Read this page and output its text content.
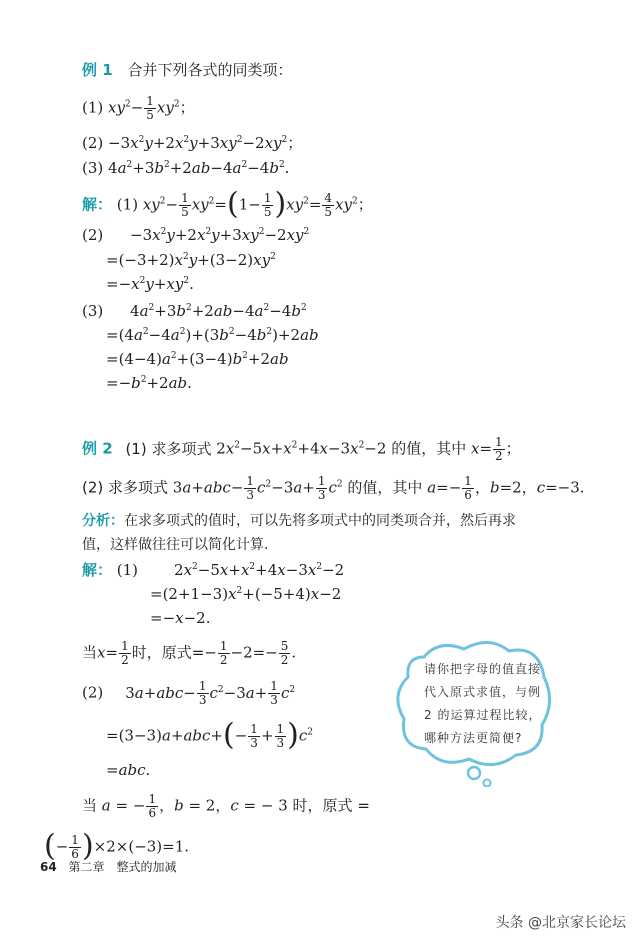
例 1 合并下列各式的同类项：
(1) $xy^2- \frac{1}{5} xy^2$；
$(2) -3x^2y+2x^2y+3xy^2-2xy^2$；
(3) $4a^2+3b^2+2ab-4a^2-4b^2$.
解： (1) $xy^2- \frac{1}{5} xy^2=(1- \frac{1}{5} )xy^2= \frac{4}{5} xy^2$；
$(2) -3x^2y+2x^2y+3xy^2-2xy^2$
$=(-3+2)x^2y+(3-2)xy^2$
$=-x^2y+xy^2$.
(3) $4a^2+3b^2+2ab-4a^2-4b^2$
$=(4a^2-4a^2)+(3b^2-4b^2)+2ab$
$=(4-4)a^2+(3-4)b^2+2ab$
$=-b^2+2ab$.
例 2 (1) 求多项式 $2x^2-5x+x^2+4x-3x^2-2$ 的值，其中 $x= \frac{1}{2}$ ；
(2) 求多项式 $3a+abc- \frac{1}{3} c^2-3a+ \frac{1}{3} c^2$ 的值，其中 $a=- \frac{1}{6}$ ，b=2，c=−3.
分析：在求多项式的值时，可以先将多项式中的同类项合并，然后再求
值，这样做往往可以简化计算.
解： (1) $2x^2-5x+x^2+4x-3x^2-2$
$=(2+1-3)x^2+(-5+4)x-2$
=−x−2.
当$x= \frac{1}{2}$ 时，原式=− $\frac{1}{2} -2=- \frac{5}{2}$ .
(2) $3a+abc- \frac{1}{3} c^2-3a+ \frac{1}{3} c^2$
$=(3-3)a+abc+(- \frac{1}{3} + \frac{1}{3} )c^2$
=abc.
当 a = − $\frac{1}{6}$ ，b = 2，c = − 3 时，原式 =
(− $\frac{1}{6} )\times 2\times(-3)=1$.
请你把字母的值直接代入原式求值，与例 2 的运算过程比较，哪种方法更简便?
64 第二章　整式的加减
头条 @北京家长论坛
